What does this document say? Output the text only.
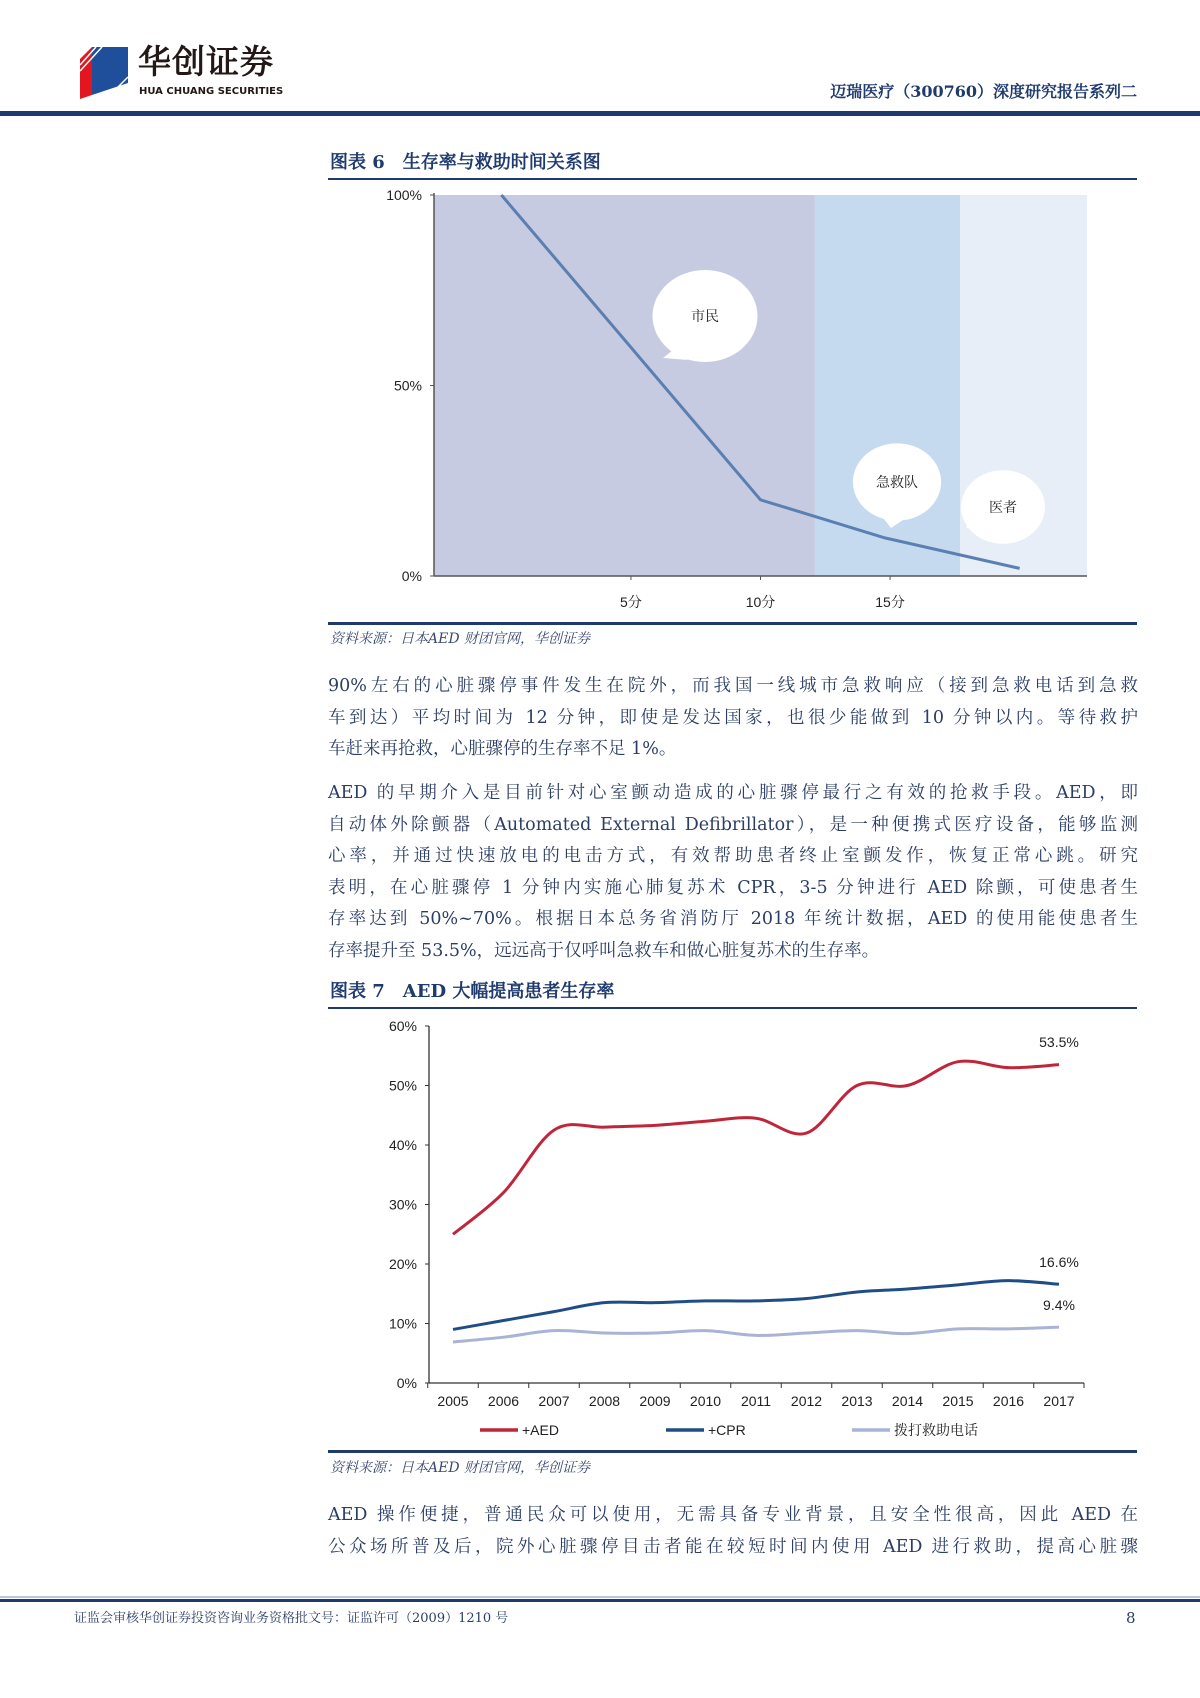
华创证券
HUA CHUANG SECURITIES	迈瑞医疗（300760）深度研究报告系列二
图表 6　生存率与救助时间关系图
0%
50%
100%
5分	10分	15分
市民
急救队
医者
资料来源：日本AED 财团官网，华创证券
90%左右的心脏骤停事件发生在院外，而我国一线城市急救响应（接到急救电话到急救
车到达）平均时间为 12 分钟，即使是发达国家，也很少能做到 10 分钟以内。等待救护
车赶来再抢救，心脏骤停的生存率不足 1%。
AED 的早期介入是目前针对心室颤动造成的心脏骤停最行之有效的抢救手段。AED，即
自动体外除颤器（Automated External Defibrillator），是一种便携式医疗设备，能够监测
心率，并通过快速放电的电击方式，有效帮助患者终止室颤发作，恢复正常心跳。研究
表明，在心脏骤停 1 分钟内实施心肺复苏术 CPR，3-5 分钟进行 AED 除颤，可使患者生
存率达到 50%~70%。根据日本总务省消防厅 2018 年统计数据，AED 的使用能使患者生
存率提升至 53.5%，远远高于仅呼叫急救车和做心脏复苏术的生存率。
图表 7　AED 大幅提高患者生存率
0%
10%
20%
30%
40%
50%
60%
2005 2006 2007 2008 2009 2010 2011 2012 2013 2014 2015 2016 2017
53.5%
+AED
16.6%
+CPR
9.4%
拨打救助电话
资料来源：日本AED 财团官网，华创证券
AED 操作便捷，普通民众可以使用，无需具备专业背景，且安全性很高，因此 AED 在
公众场所普及后，院外心脏骤停目击者能在较短时间内使用 AED 进行救助，提高心脏骤
证监会审核华创证券投资咨询业务资格批文号：证监许可（2009）1210 号	8
